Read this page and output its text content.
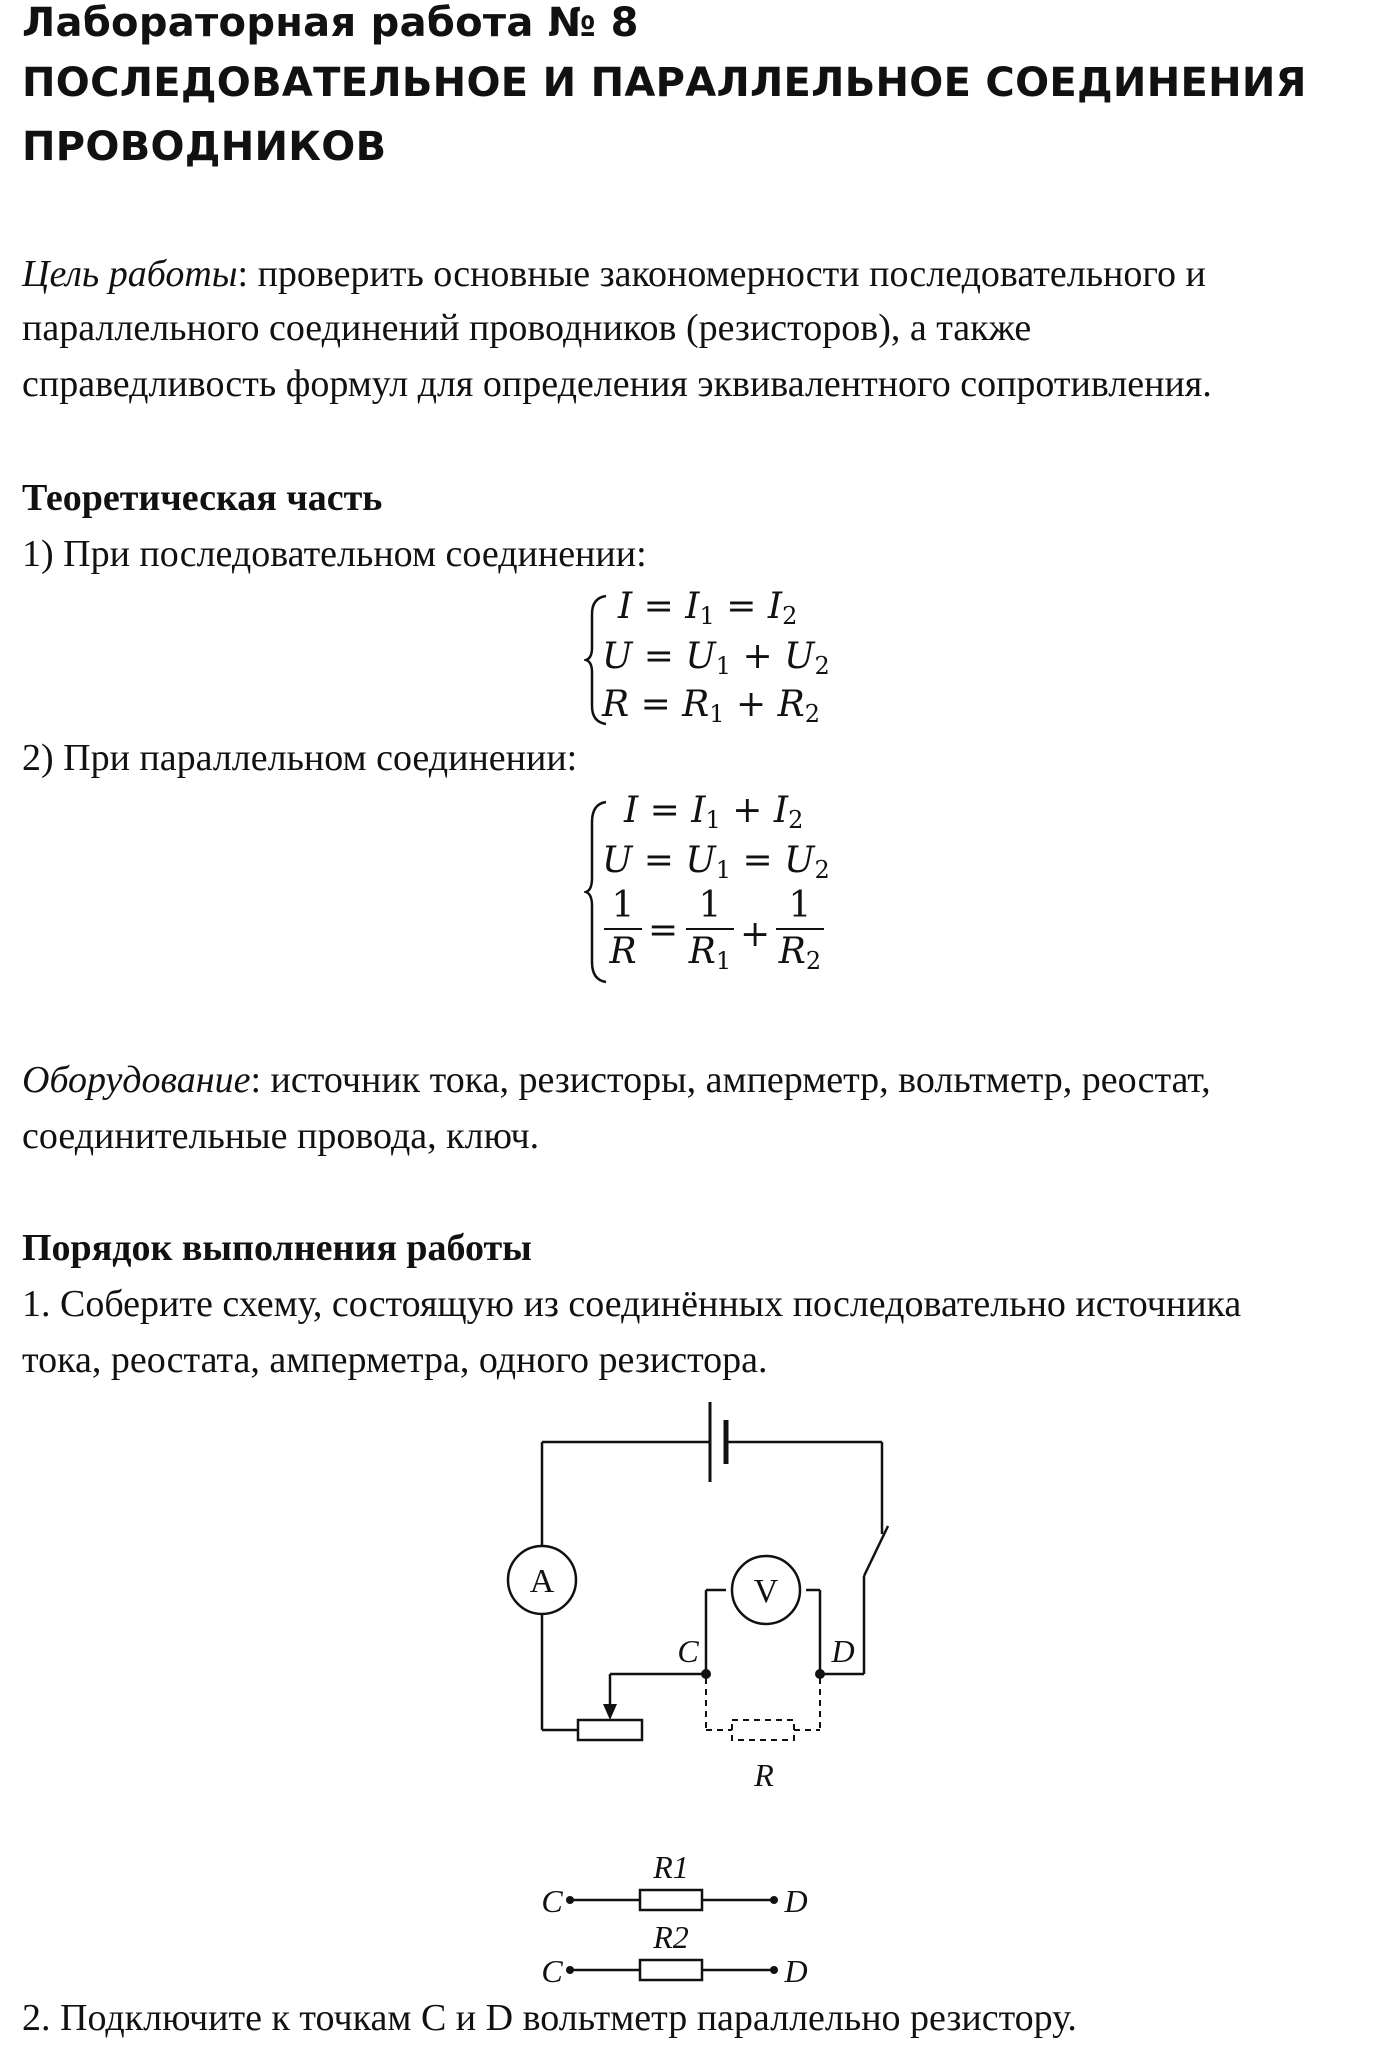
Лабораторная работа № 8
ПОСЛЕДОВАТЕЛЬНОЕ И ПАРАЛЛЕЛЬНОЕ СОЕДИНЕНИЯ
ПРОВОДНИКОВ
Цель работы: проверить основные закономерности последовательного и
параллельного соединений проводников (резисторов), а также
справедливость формул для определения эквивалентного сопротивления.
Теоретическая часть
1) При последовательном соединении:
$I = I_1 = I_2$
$U = U_1 + U_2$
$R = R_1 + R_2$
2) При параллельном соединении:
$I = I_1 + I_2$
$U = U_1 = U_2$
1
R
=
1
$R_1$
+
1
$R_2$
Оборудование: источник тока, резисторы, амперметр, вольтметр, реостат,
соединительные провода, ключ.
Порядок выполнения работы
1. Соберите схему, состоящую из соединённых последовательно источника
тока, реостата, амперметра, одного резистора.
A	V
C	D
R
C	D
R1
C	D
R2
2. Подключите к точкам С и D вольтметр параллельно резистору.
